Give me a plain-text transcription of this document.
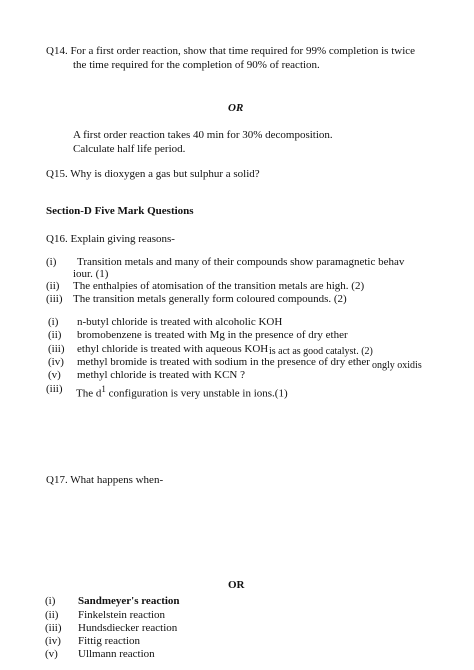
Q14. For a first order reaction, show that time required for 99% completion is twice
the time required for the completion of 90% of reaction.
OR
A first order reaction takes 40 min for 30% decomposition.
Calculate half life period.
Q15. Why is dioxygen a gas but sulphur a solid?
Section-D Five Mark Questions
Q16. Explain giving reasons-
(i) Transition metals and many of their compounds show paramagnetic behav
iour. (1)
(ii) The enthalpies of atomisation of the transition metals are high. (2)
(iii) The transition metals generally form coloured compounds. (2)
(i) n-butyl chloride is treated with alcoholic KOH
(ii) bromobenzene is treated with Mg in the presence of dry ether
(iii) ethyl chloride is treated with aqueous KOH is act as good catalyst. (2)
(iv) methyl bromide is treated with sodium in the presence of dry ether ongly oxidis
(v) methyl chloride is treated with KCN ?
(iii) The $d^1$ configuration is very unstable in ions.(1)
Q17. What happens when-
OR
(i) Sandmeyer's reaction
(ii) Finkelstein reaction
(iii) Hundsdiecker reaction
(iv) Fittig reaction
(v) Ullmann reaction
